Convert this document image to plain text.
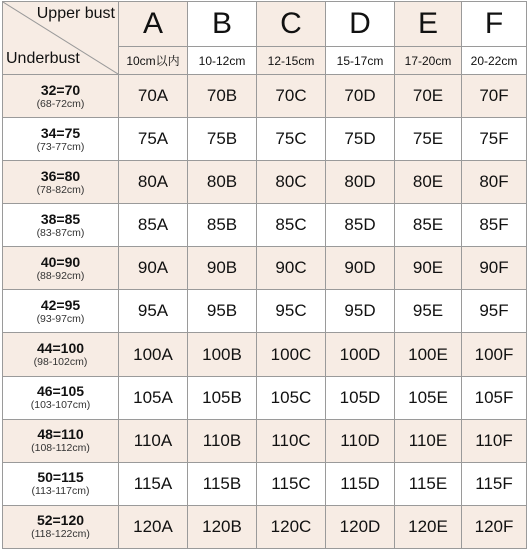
Upper bust
Underbust	A	B	C	D	E	F
	10cm以内	10-12cm	12-15cm	15-17cm	17-20cm	20-22cm

32=70
(68-72cm)	70A	70B	70C	70D	70E	70F

34=75
(73-77cm)	75A	75B	75C	75D	75E	75F

36=80
(78-82cm)	80A	80B	80C	80D	80E	80F

38=85
(83-87cm)	85A	85B	85C	85D	85E	85F

40=90
(88-92cm)	90A	90B	90C	90D	90E	90F

42=95
(93-97cm)	95A	95B	95C	95D	95E	95F

44=100
(98-102cm)	100A	100B	100C	100D	100E	100F

46=105
(103-107cm)	105A	105B	105C	105D	105E	105F

48=110
(108-112cm)	110A	110B	110C	110D	110E	110F

50=115
(113-117cm)	115A	115B	115C	115D	115E	115F

52=120
(118-122cm)	120A	120B	120C	120D	120E	120F
